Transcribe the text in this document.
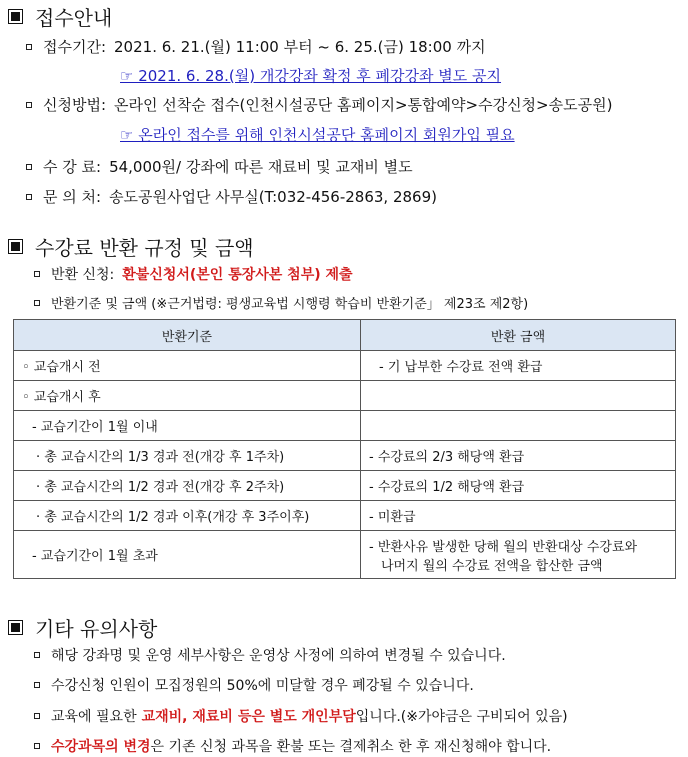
접수안내
접수기간: 2021. 6. 21.(월) 11:00 부터 ~ 6. 25.(금) 18:00 까지
☞ 2021. 6. 28.(월) 개강강좌 확정 후 폐강강좌 별도 공지
신청방법: 온라인 선착순 접수(인천시설공단 홈페이지>통합예약>수강신청>송도공원)
☞ 온라인 접수를 위해 인천시설공단 홈페이지 회원가입 필요
수 강 료: 54,000원/ 강좌에 따른 재료비 및 교재비 별도
문 의 처: 송도공원사업단 사무실(T:032-456-2863, 2869)
수강료 반환 규정 및 금액
반환 신청: 환불신청서(본인 통장사본 첨부) 제출
반환기준 및 금액 (※근거법령: 평생교육법 시행령 학습비 반환기준」 제23조 제2항)
반환기준	반환 금액
◦ 교습개시 전	- 기 납부한 수강료 전액 환급
◦ 교습개시 후	
- 교습기간이 1월 이내	
· 총 교습시간의 1/3 경과 전(개강 후 1주차)	- 수강료의 2/3 해당액 환급
· 총 교습시간의 1/2 경과 전(개강 후 2주차)	- 수강료의 1/2 해당액 환급
· 총 교습시간의 1/2 경과 이후(개강 후 3주이후)	- 미환급
- 교습기간이 1월 초과	- 반환사유 발생한 당해 월의 반환대상 수강료와
나머지 월의 수강료 전액을 합산한 금액
기타 유의사항
해당 강좌명 및 운영 세부사항은 운영상 사정에 의하여 변경될 수 있습니다.
수강신청 인원이 모집정원의 50%에 미달할 경우 폐강될 수 있습니다.
교육에 필요한 교재비, 재료비 등은 별도 개인부담 입니다.(※가야금은 구비되어 있음)
수강과목의 변경 은 기존 신청 과목을 환불 또는 결제취소 한 후 재신청해야 합니다.
